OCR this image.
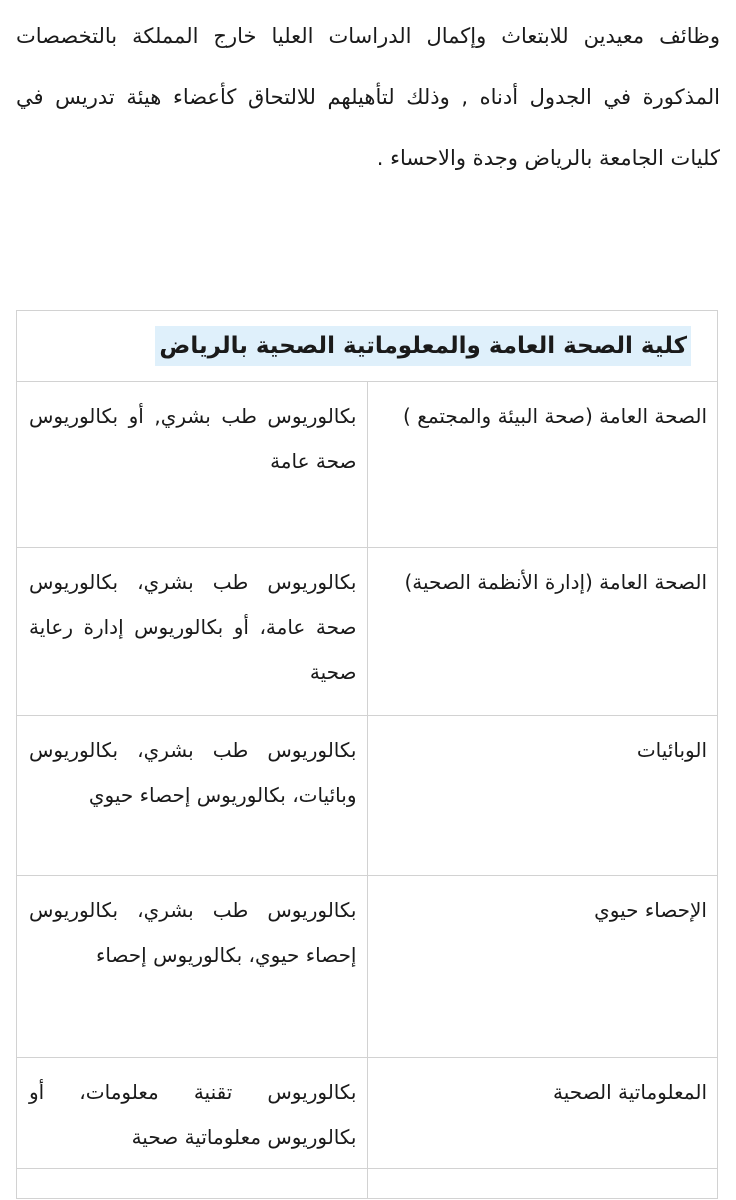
وظائف معيدين للابتعاث وإكمال الدراسات العليا خارج المملكة بالتخصصات المذكورة في الجدول أدناه , وذلك لتأهيلهم للالتحاق كأعضاء هيئة تدريس في كليات الجامعة بالرياض وجدة والاحساء .

كلية الصحة العامة والمعلوماتية الصحية بالرياض	
الصحة العامة (صحة البيئة والمجتمع )	بكالوريوس طب بشري, أو بكالوريوس صحة عامة
الصحة العامة (إدارة الأنظمة الصحية)	بكالوريوس طب بشري، بكالوريوس صحة عامة، أو بكالوريوس إدارة رعاية صحية
الوبائيات	بكالوريوس طب بشري، بكالوريوس وبائيات، بكالوريوس إحصاء حيوي
الإحصاء حيوي	بكالوريوس طب بشري، بكالوريوس إحصاء حيوي، بكالوريوس إحصاء
المعلوماتية الصحية	بكالوريوس تقنية معلومات، أو بكالوريوس معلوماتية صحية
